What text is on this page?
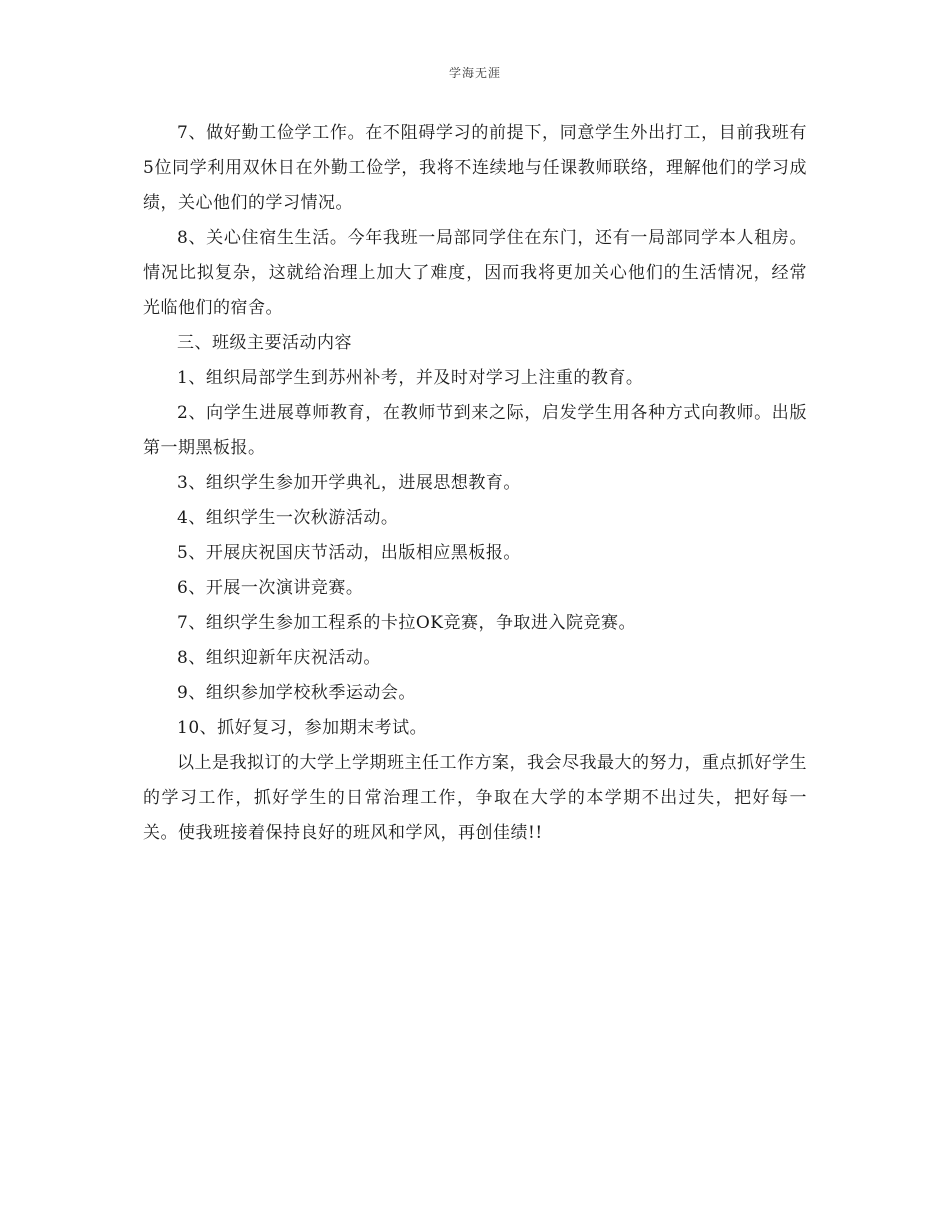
学海无涯

7、做好勤工俭学工作。在不阻碍学习的前提下，同意学生外出打工，目前我班有5位同学利用双休日在外勤工俭学，我将不连续地与任课教师联络，理解他们的学习成绩，关心他们的学习情况。

8、关心住宿生生活。今年我班一局部同学住在东门，还有一局部同学本人租房。情况比拟复杂，这就给治理上加大了难度，因而我将更加关心他们的生活情况，经常光临他们的宿舍。

三、班级主要活动内容

1、组织局部学生到苏州补考，并及时对学习上注重的教育。

2、向学生进展尊师教育，在教师节到来之际，启发学生用各种方式向教师。出版第一期黑板报。

3、组织学生参加开学典礼，进展思想教育。

4、组织学生一次秋游活动。

5、开展庆祝国庆节活动，出版相应黑板报。

6、开展一次演讲竞赛。

7、组织学生参加工程系的卡拉OK竞赛，争取进入院竞赛。

8、组织迎新年庆祝活动。

9、组织参加学校秋季运动会。

10、抓好复习，参加期末考试。

以上是我拟订的大学上学期班主任工作方案，我会尽我最大的努力，重点抓好学生的学习工作，抓好学生的日常治理工作，争取在大学的本学期不出过失，把好每一关。使我班接着保持良好的班风和学风，再创佳绩!!
